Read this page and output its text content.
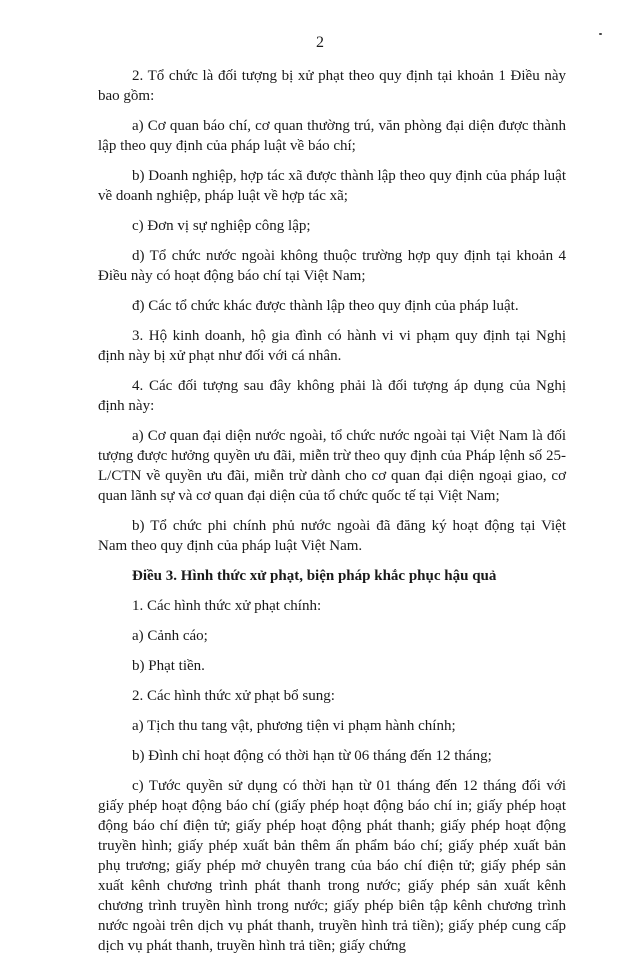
2

2. Tổ chức là đối tượng bị xử phạt theo quy định tại khoản 1 Điều này bao gồm:

a) Cơ quan báo chí, cơ quan thường trú, văn phòng đại diện được thành lập theo quy định của pháp luật về báo chí;

b) Doanh nghiệp, hợp tác xã được thành lập theo quy định của pháp luật về doanh nghiệp, pháp luật về hợp tác xã;

c) Đơn vị sự nghiệp công lập;

d) Tổ chức nước ngoài không thuộc trường hợp quy định tại khoản 4 Điều này có hoạt động báo chí tại Việt Nam;

đ) Các tổ chức khác được thành lập theo quy định của pháp luật.

3. Hộ kinh doanh, hộ gia đình có hành vi vi phạm quy định tại Nghị định này bị xử phạt như đối với cá nhân.

4. Các đối tượng sau đây không phải là đối tượng áp dụng của Nghị định này:

a) Cơ quan đại diện nước ngoài, tổ chức nước ngoài tại Việt Nam là đối tượng được hưởng quyền ưu đãi, miễn trừ theo quy định của Pháp lệnh số 25-L/CTN về quyền ưu đãi, miễn trừ dành cho cơ quan đại diện ngoại giao, cơ quan lãnh sự và cơ quan đại diện của tổ chức quốc tế tại Việt Nam;

b) Tổ chức phi chính phủ nước ngoài đã đăng ký hoạt động tại Việt Nam theo quy định của pháp luật Việt Nam.

Điều 3. Hình thức xử phạt, biện pháp khắc phục hậu quả

1. Các hình thức xử phạt chính:

a) Cảnh cáo;

b) Phạt tiền.

2. Các hình thức xử phạt bổ sung:

a) Tịch thu tang vật, phương tiện vi phạm hành chính;

b) Đình chỉ hoạt động có thời hạn từ 06 tháng đến 12 tháng;

c) Tước quyền sử dụng có thời hạn từ 01 tháng đến 12 tháng đối với giấy phép hoạt động báo chí (giấy phép hoạt động báo chí in; giấy phép hoạt động báo chí điện tử; giấy phép hoạt động phát thanh; giấy phép hoạt động truyền hình; giấy phép xuất bản thêm ấn phẩm báo chí; giấy phép xuất bản phụ trương; giấy phép mở chuyên trang của báo chí điện tử; giấy phép sản xuất kênh chương trình phát thanh trong nước; giấy phép sản xuất kênh chương trình truyền hình trong nước; giấy phép biên tập kênh chương trình nước ngoài trên dịch vụ phát thanh, truyền hình trả tiền); giấy phép cung cấp dịch vụ phát thanh, truyền hình trả tiền; giấy chứng
